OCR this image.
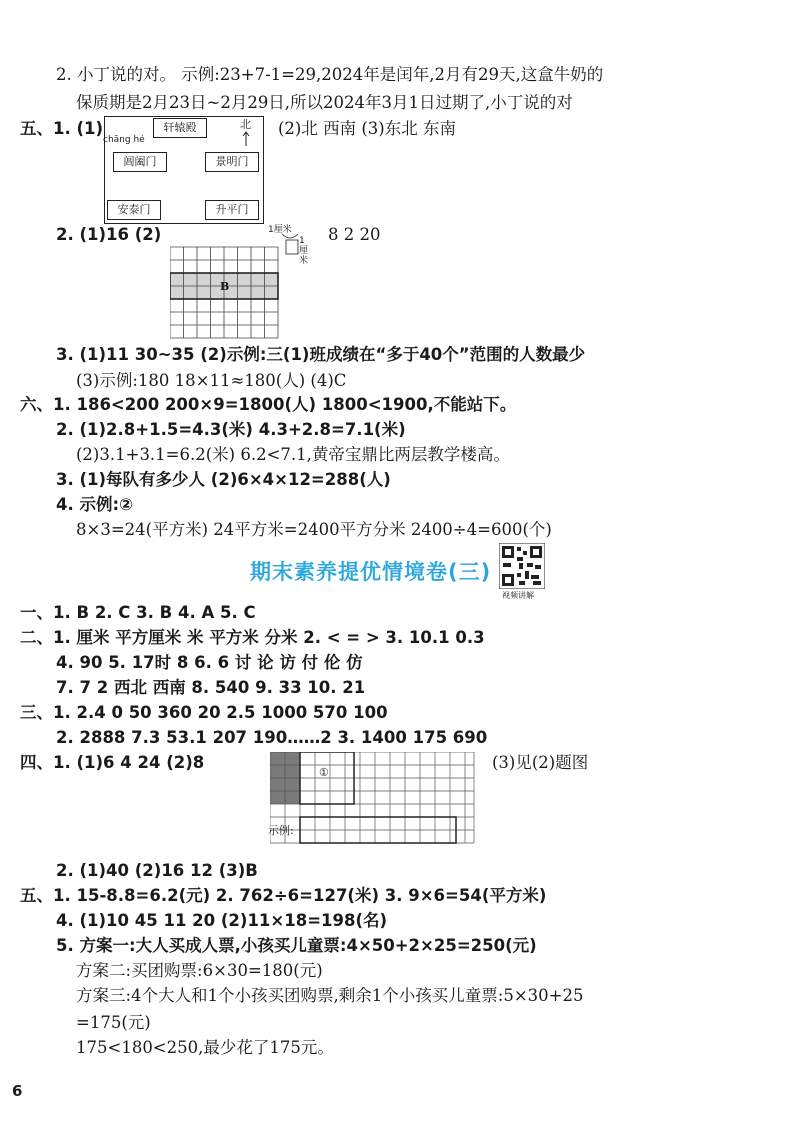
2. 小丁说的对。 示例:23+7-1=29,2024年是闰年,2月有29天,这盒牛奶的
保质期是2月23日~2月29日,所以2024年3月1日过期了,小丁说的对
五、1. (1)	(2)北 西南 (3)东北 东南
轩辕殿
阊阖门	景明门
安泰门	升平门
chāng hé
北
2. (1)16 (2)
B
1厘米
1厘米
8 2 20
3. (1)11 30~35 (2)示例:三(1)班成绩在“多于40个”范围的人数最少
(3)示例:180 18×11≈180(人) (4)C
六、1. 186<200 200×9=1800(人) 1800<1900,不能站下。
2. (1)2.8+1.5=4.3(米) 4.3+2.8=7.1(米)
(2)3.1+3.1=6.2(米) 6.2<7.1,黄帝宝鼎比两层教学楼高。
3. (1)每队有多少人 (2)6×4×12=288(人)
4. 示例:②
8×3=24(平方米) 24平方米=2400平方分米 2400÷4=600(个)
期末素养提优情境卷(三)
视频讲解
一、1. B 2. C 3. B 4. A 5. C
二、1. 厘米 平方厘米 米 平方米 分米 2. < = > 3. 10.1 0.3
4. 90 5. 17时 8 6. 6 讨 论 访 付 伦 仿
7. 7 2 西北 西南 8. 540 9. 33 10. 21
三、1. 2.4 0 50 360 20 2.5 1000 570 100
2. 2888 7.3 53.1 207 190……2 3. 1400 175 690
四、1. (1)6 4 24 (2)8	(3)见(2)题图
①
示例:
2. (1)40 (2)16 12 (3)B
五、1. 15-8.8=6.2(元) 2. 762÷6=127(米) 3. 9×6=54(平方米)
4. (1)10 45 11 20 (2)11×18=198(名)
5. 方案一:大人买成人票,小孩买儿童票:4×50+2×25=250(元)
方案二:买团购票:6×30=180(元)
方案三:4个大人和1个小孩买团购票,剩余1个小孩买儿童票:5×30+25
=175(元)
175<180<250,最少花了175元。
6
